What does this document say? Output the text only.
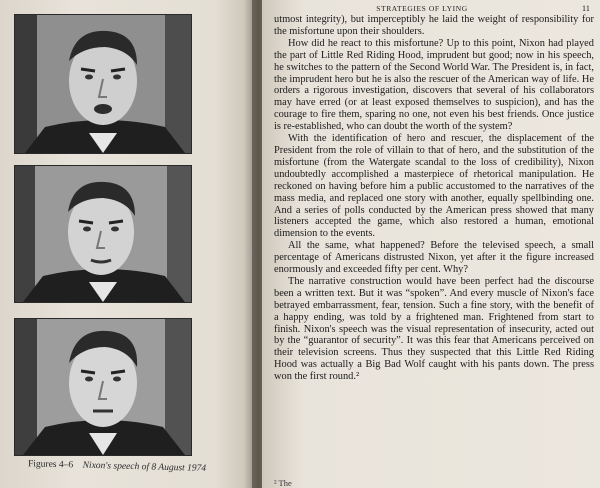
Figures 4–6 Nixon's speech of 8 August 1974
STRATEGIES OF LYING	11

utmost integrity), but imperceptibly he laid the weight of responsibility for the misfortune upon their shoulders.

How did he react to this misfortune? Up to this point, Nixon had played the part of Little Red Riding Hood, imprudent but good; now in his speech, he switches to the pattern of the Second World War. The President is, in fact, the imprudent hero but he is also the rescuer of the American way of life. He orders a rigorous investigation, discovers that several of his collaborators may have erred (or at least exposed themselves to suspicion), and has the courage to fire them, sparing no one, not even his best friends. Once justice is re-established, who can doubt the worth of the system?

With the identification of hero and rescuer, the displacement of the President from the role of villain to that of hero, and the substitution of the misfortune (from the Watergate scandal to the loss of credibility), Nixon undoubtedly accomplished a masterpiece of rhetorical manipulation. He reckoned on having before him a public accustomed to the narratives of the mass media, and replaced one story with another, equally spellbinding one. And a series of polls conducted by the American press showed that many listeners accepted the game, which also restored a human, emotional dimension to the events.

All the same, what happened? Before the televised speech, a small percentage of Americans distrusted Nixon, yet after it the figure increased enormously and exceeded fifty per cent. Why?

The narrative construction would have been perfect had the discourse been a written text. But it was “spoken”. And every muscle of Nixon's face betrayed embarrassment, fear, tension. Such a fine story, with the benefit of a happy ending, was told by a frightened man. Frightened from start to finish. Nixon's speech was the visual representation of insecurity, acted out by the “guarantor of security”. It was this fear that Americans perceived on their television screens. Thus they suspected that this Little Red Riding Hood was actually a Big Bad Wolf caught with his pants down. The press won the first round.²

² The
